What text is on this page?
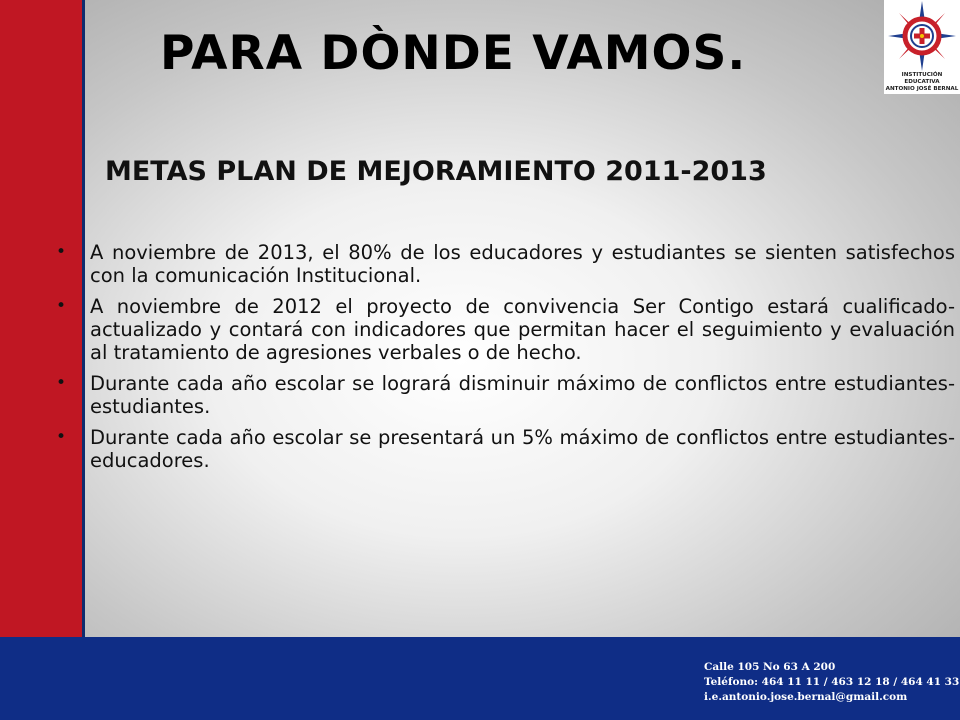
PARA DÒNDE VAMOS.	INSTITUCIÓN EDUCATIVA
ANTONIO JOSÉ BERNAL
METAS PLAN DE MEJORAMIENTO 2011-2013
• A noviembre de 2013, el 80% de los educadores y estudiantes se sienten satisfechos con la comunicación Institucional.
• A noviembre de 2012 el proyecto de convivencia Ser Contigo estará cualificado-actualizado y contará con indicadores que permitan hacer el seguimiento y evaluación al tratamiento de agresiones verbales o de hecho.
• Durante cada año escolar se logrará disminuir máximo de conflictos entre estudiantes-estudiantes.
• Durante cada año escolar se presentará un 5% máximo de conflictos entre estudiantes-educadores.
Calle 105 No 63 A 200
Teléfono: 464 11 11 / 463 12 18 / 464 41 33
i.e.antonio.jose.bernal@gmail.com
